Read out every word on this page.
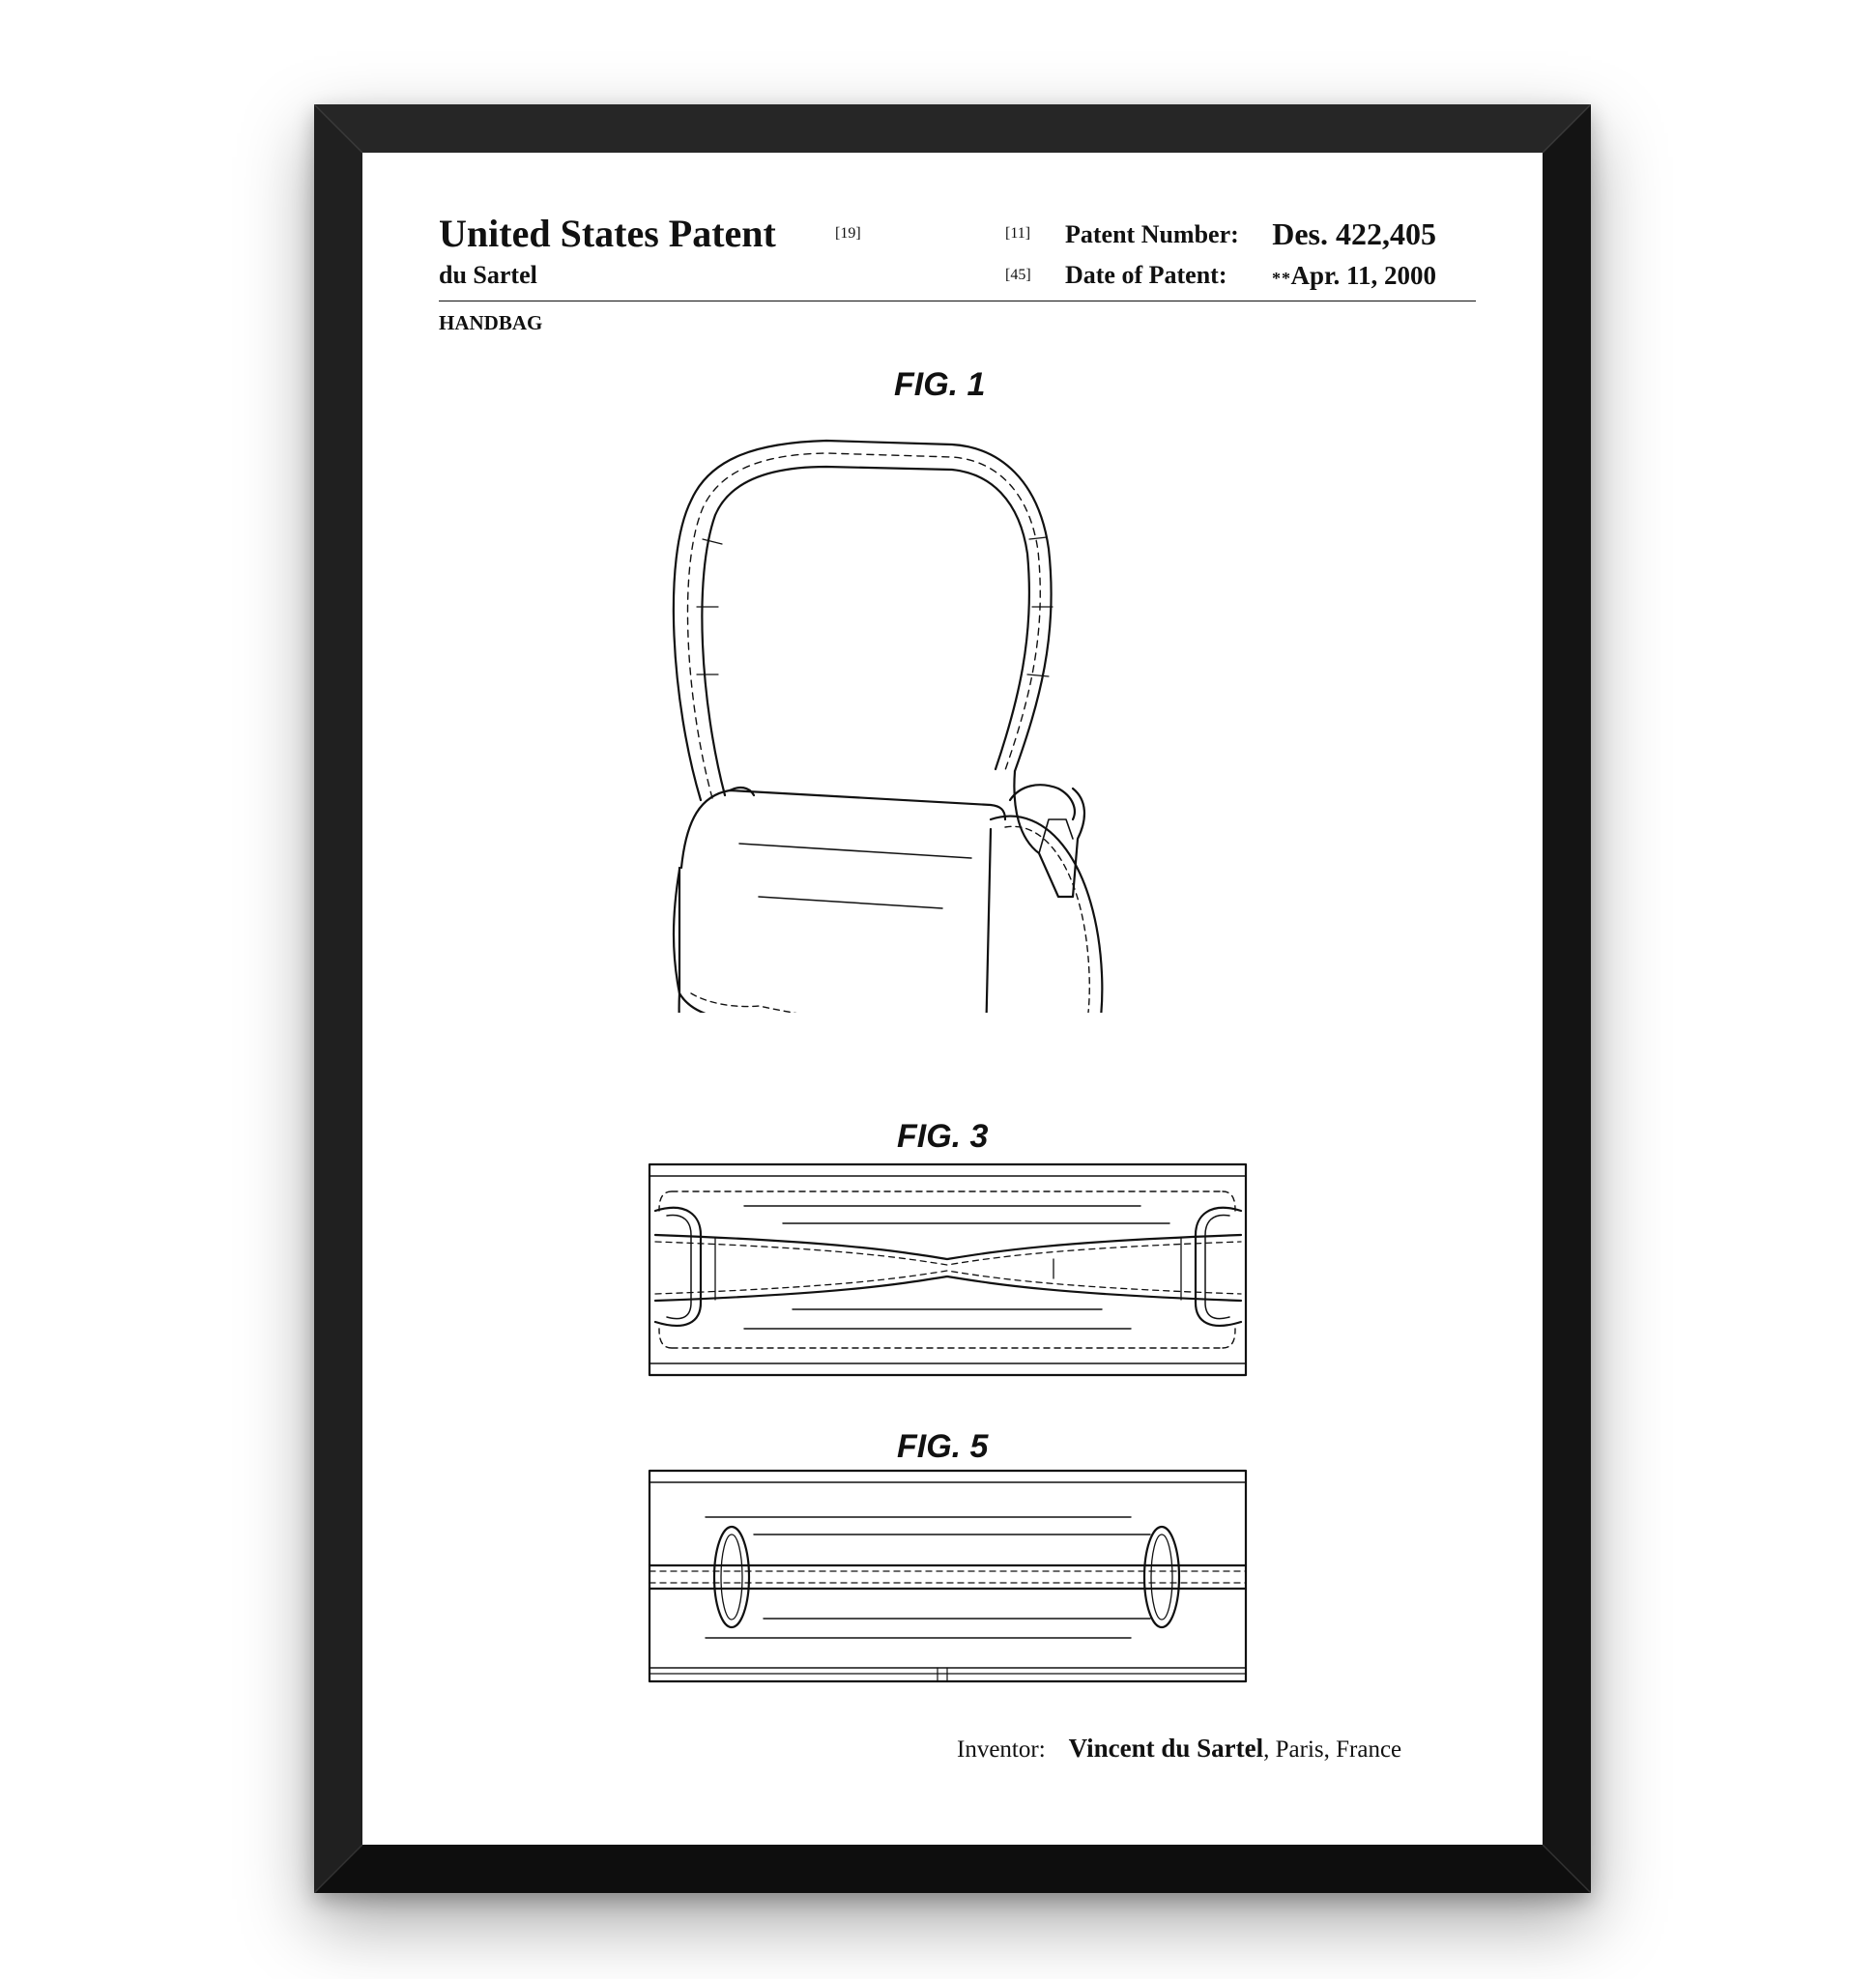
United States Patent	[19]	[11] Patent Number: Des. 422,405
du Sartel	[45] Date of Patent:	** Apr. 11, 2000
HANDBAG
FIG. 1
FIG. 3
FIG. 5
Inventor: Vincent du Sartel, Paris, France
